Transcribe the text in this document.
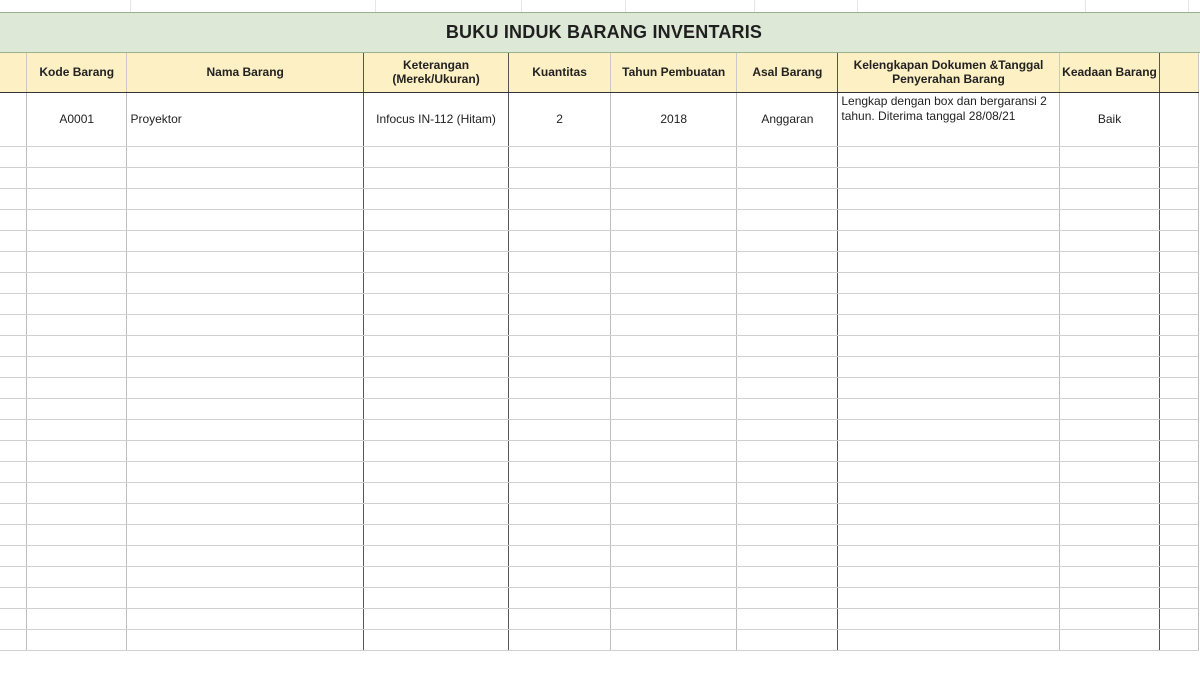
BUKU INDUK BARANG INVENTARIS
	Kode Barang	Nama Barang	Keterangan (Merek/Ukuran)	Kuantitas	Tahun Pembuatan	Asal Barang	Kelengkapan Dokumen &Tanggal Penyerahan Barang	Keadaan Barang	
	A0001	Proyektor	Infocus IN-112 (Hitam)	2	2018	Anggaran	Lengkap dengan box dan bergaransi 2 tahun. Diterima tanggal 28/08/21	Baik	
